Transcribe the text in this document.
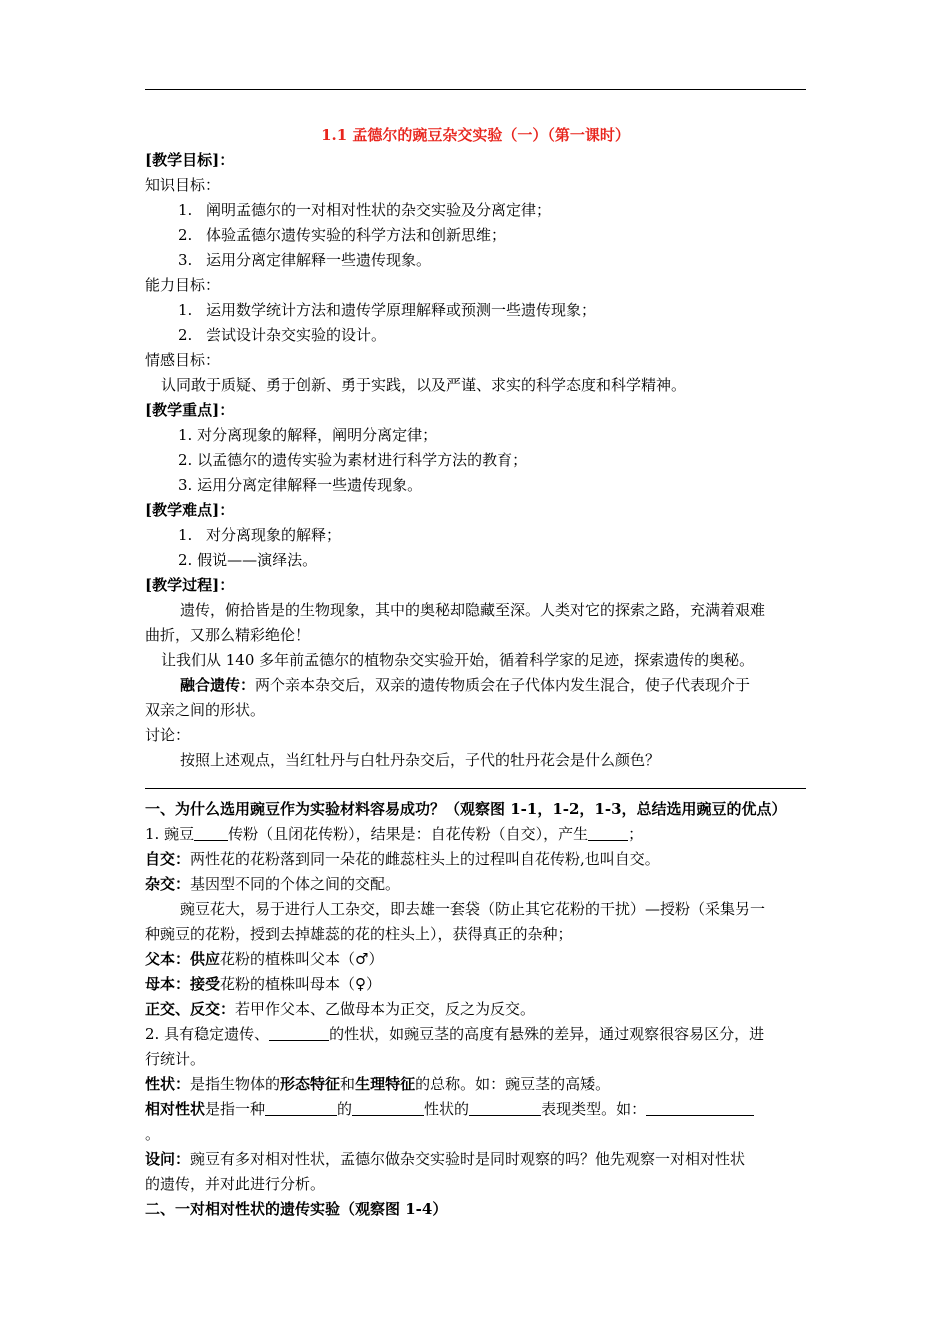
1.1 孟德尔的豌豆杂交实验（一）（第一课时）
[教学目标]：
知识目标：
1. 阐明孟德尔的一对相对性状的杂交实验及分离定律；
2. 体验孟德尔遗传实验的科学方法和创新思维；
3. 运用分离定律解释一些遗传现象。
能力目标：
1. 运用数学统计方法和遗传学原理解释或预测一些遗传现象；
2. 尝试设计杂交实验的设计。
情感目标：
认同敢于质疑、勇于创新、勇于实践，以及严谨、求实的科学态度和科学精神。
[教学重点]：
1. 对分离现象的解释，阐明分离定律；
2. 以孟德尔的遗传实验为素材进行科学方法的教育；
3. 运用分离定律解释一些遗传现象。
[教学难点]：
1. 对分离现象的解释；
2. 假说——演绎法。
[教学过程]：
遗传，俯拾皆是的生物现象，其中的奥秘却隐藏至深。人类对它的探索之路，充满着艰难
曲折，又那么精彩绝伦！
让我们从 140 多年前孟德尔的植物杂交实验开始，循着科学家的足迹，探索遗传的奥秘。
融合遗传：两个亲本杂交后，双亲的遗传物质会在子代体内发生混合，使子代表现介于
双亲之间的形状。
讨论：
按照上述观点，当红牡丹与白牡丹杂交后，子代的牡丹花会是什么颜色？
一、为什么选用豌豆作为实验材料容易成功？（观察图 1-1，1-2，1-3，总结选用豌豆的优点）
1. 豌豆 传粉（且闭花传粉），结果是：自花传粉（自交），产生	；
自交：两性花的花粉落到同一朵花的雌蕊柱头上的过程叫自花传粉,也叫自交。
杂交：基因型不同的个体之间的交配。
豌豆花大，易于进行人工杂交，即去雄一套袋（防止其它花粉的干扰）—授粉（采集另一
种豌豆的花粉，授到去掉雄蕊的花的柱头上），获得真正的杂种；
父本：供应花粉的植株叫父本（♂）
母本：接受花粉的植株叫母本（♀）
正交、反交：若甲作父本、乙做母本为正交，反之为反交。
2. 具有稳定遗传、	的性状，如豌豆茎的高度有悬殊的差异，通过观察很容易区分，进
行统计。
性状：是指生物体的形态特征和生理特征的总称。如：豌豆茎的高矮。
相对性状是指一种	的	性状的	表现类型。如：
。
设问：豌豆有多对相对性状，孟德尔做杂交实验时是同时观察的吗？他先观察一对相对性状
的遗传，并对此进行分析。
二、一对相对性状的遗传实验（观察图 1-4）
